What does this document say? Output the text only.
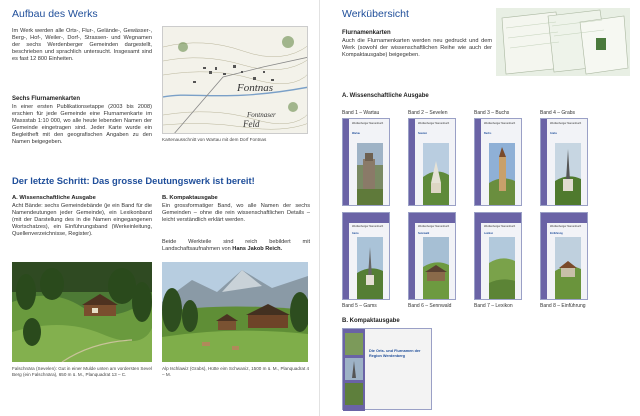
Aufbau des Werks
Im Werk werden alle Orts-, Flur-, Gelände-, Gewässer-, Berg-, Hof-, Weiler-, Dorf-, Strassen- und Wegnamen der sechs Werdenberger Gemeinden dargestellt, beschrieben und sprachlich untersucht. Insgesamt sind es fast 12 800 Einheiten.
Sechs Flurnamenkarten
In einer ersten Publikationsetappe (2003 bis 2008) erschien für jede Gemeinde eine Flurnamenkarte im Massstab 1:10 000, wo alle heute lebenden Namen der Gemeinde eingetragen sind. Jeder Karte wurde ein Begleitheft mit den geografischen Angaben zu den Namen beigegeben.
Fontnas
Feld
Fontnaser
Kartenausschnitt von Wartau mit dem Dorf Fontnas
Der letzte Schritt: Das grosse Deutungswerk ist bereit!
A. Wissenschaftliche Ausgabe
Acht Bände: sechs Gemeindebände (je ein Band für die Namendeutungen jeder Gemeinde), ein Lexikonband (mit der Darstellung des in die Namen eingegangenen Wortschatzes), ein Einführungsband (Werkeinleitung, Quellenverzeichnisse, Register).
B. Kompaktausgabe
Ein grossformatiger Band, wo alle Namen der sechs Gemeinden – ohne die rein wissenschaftlichen Details – leicht verständlich erklärt werden.
Beide Werkteile sind reich bebildert mit Landschaftsaufnahmen von Hans Jakob Reich.
Falschnära (Sevelen): Gut in einer Mulde unten am vordersten Sevel Berg (ein Falschnära), 650 m ü. M., Planquadrat 13 – C.
Alp Ischlawiz (Grabs), Hütte eim Schwaniz, 1500 m ü. M., Planquadrat 4 – M.
Werkübersicht
Flurnamenkarten
Auch die Flurnamenkarten werden neu gedruckt und dem Werk (sowohl der wissenschaftlichen Reihe wie auch der Kompaktausgabe) beigegeben.
A. Wissenschaftliche Ausgabe
Band 1 – Wartau	Band 2 – Sevelen	Band 3 – Buchs	Band 4 – Grabs
Werdenberger Namenbuch
Wartau
Werdenberger Namenbuch
Sevelen
Werdenberger Namenbuch
Buchs
Werdenberger Namenbuch
Grabs
Werdenberger Namenbuch
Gams
Werdenberger Namenbuch
Sennwald
Werdenberger Namenbuch
Lexikon
Werdenberger Namenbuch
Einführung
Band 5 – Gams	Band 6 – Sennwald	Band 7 – Lexikon	Band 8 – Einführung
B. Kompaktausgabe
Die Orts- und Flurnamen der Region Werdenberg
